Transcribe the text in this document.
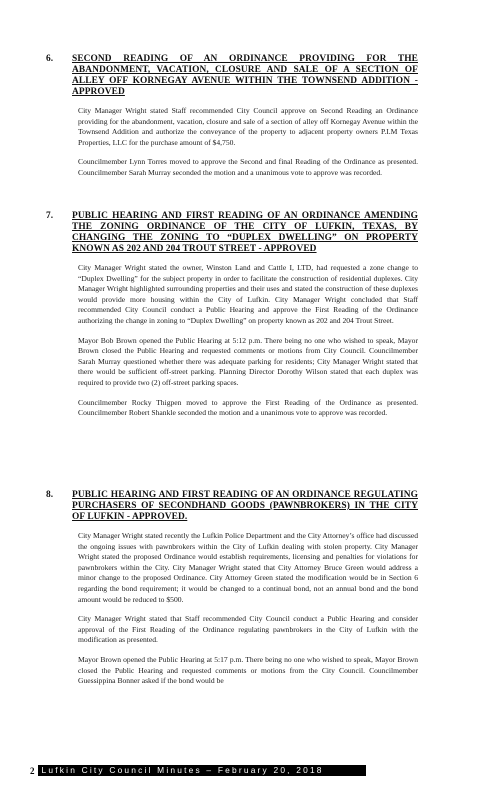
6. SECOND READING OF AN ORDINANCE PROVIDING FOR THE ABANDONMENT, VACATION, CLOSURE AND SALE OF A SECTION OF ALLEY OFF KORNEGAY AVENUE WITHIN THE TOWNSEND ADDITION - APPROVED

City Manager Wright stated Staff recommended City Council approve on Second Reading an Ordinance providing for the abandonment, vacation, closure and sale of a section of alley off Kornegay Avenue within the Townsend Addition and authorize the conveyance of the property to adjacent property owners P.I.M Texas Properties, LLC for the purchase amount of $4,750.

Councilmember Lynn Torres moved to approve the Second and final Reading of the Ordinance as presented. Councilmember Sarah Murray seconded the motion and a unanimous vote to approve was recorded.

7. PUBLIC HEARING AND FIRST READING OF AN ORDINANCE AMENDING THE ZONING ORDINANCE OF THE CITY OF LUFKIN, TEXAS, BY CHANGING THE ZONING TO “DUPLEX DWELLING” ON PROPERTY KNOWN AS 202 AND 204 TROUT STREET - APPROVED

City Manager Wright stated the owner, Winston Land and Cattle I, LTD, had requested a zone change to “Duplex Dwelling” for the subject property in order to facilitate the construction of residential duplexes. City Manager Wright highlighted surrounding properties and their uses and stated the construction of these duplexes would provide more housing within the City of Lufkin. City Manager Wright concluded that Staff recommended City Council conduct a Public Hearing and approve the First Reading of the Ordinance authorizing the change in zoning to “Duplex Dwelling” on property known as 202 and 204 Trout Street.

Mayor Bob Brown opened the Public Hearing at 5:12 p.m. There being no one who wished to speak, Mayor Brown closed the Public Hearing and requested comments or motions from City Council. Councilmember Sarah Murray questioned whether there was adequate parking for residents; City Manager Wright stated that there would be sufficient off-street parking. Planning Director Dorothy Wilson stated that each duplex was required to provide two (2) off-street parking spaces.

Councilmember Rocky Thigpen moved to approve the First Reading of the Ordinance as presented. Councilmember Robert Shankle seconded the motion and a unanimous vote to approve was recorded.

8. PUBLIC HEARING AND FIRST READING OF AN ORDINANCE REGULATING PURCHASERS OF SECONDHAND GOODS (PAWNBROKERS) IN THE CITY OF LUFKIN - APPROVED.

City Manager Wright stated recently the Lufkin Police Department and the City Attorney’s office had discussed the ongoing issues with pawnbrokers within the City of Lufkin dealing with stolen property. City Manager Wright stated the proposed Ordinance would establish requirements, licensing and penalties for violations for pawnbrokers within the City. City Manager Wright stated that City Attorney Bruce Green would address a minor change to the proposed Ordinance. City Attorney Green stated the modification would be in Section 6 regarding the bond requirement; it would be changed to a continual bond, not an annual bond and the bond amount would be reduced to $500.

City Manager Wright stated that Staff recommended City Council conduct a Public Hearing and consider approval of the First Reading of the Ordinance regulating pawnbrokers in the City of Lufkin with the modification as presented.

Mayor Brown opened the Public Hearing at 5:17 p.m. There being no one who wished to speak, Mayor Brown closed the Public Hearing and requested comments or motions from the City Council. Councilmember Guessippina Bonner asked if the bond would be

2 Lufkin City Council Minutes – February 20, 2018
